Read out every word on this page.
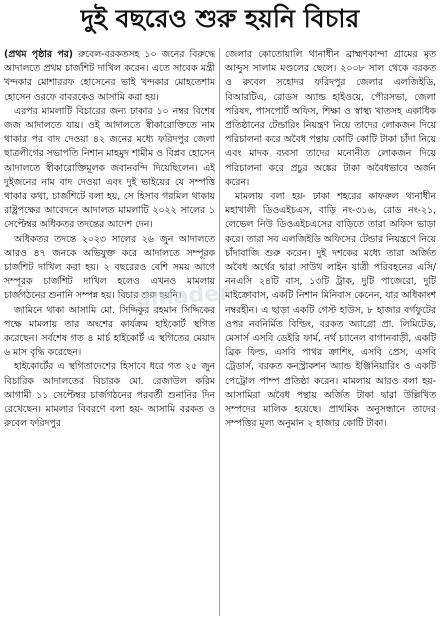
দুই বছরেও শুরু হয়নি বিচার

(প্রথম পৃষ্ঠার পর) রুবেল-বরকতসহ ১০ জনের বিরুদ্ধে আদালতে প্রথম চার্জশিট দাখিল করেন। এতে সাবেক মন্ত্রী খন্দকার মোশাররফ হোসেনের ভাই খন্দকার মোহতেশাম হোসেন ওরফে বাবরকেও আসামি করা হয়।

এরপর মামলাটি বিচারের জন্য ঢাকার ১০ নম্বর বিশেষ জজ আদালতে যায়। ওই আদালতে স্বীকারোক্তিতে নাম থাকার পর বাদ দেওয়া ৪২ জনের মধ্যে ফরিদপুর জেলা ছাত্রলীগের সভাপতি নিশান মাহমুদ শামীম ও বিপ্লব হোসেন আদালতে স্বীকারোক্তিমূলক জবানবন্দি দিয়েছিলেন। এই দুইজনের নাম বাদ দেওয়া এবং দুই ভাইয়ের যে সম্পত্তি থাকার কথা, চার্জশিটে বলা হয়, সে হিসাব গরমিল থাকায় রাষ্ট্রপক্ষের আবেদনে আদালত মামলাটি ২০২২ সালের ১ সেপ্টেম্বর অধিকতর তদন্তের আদেশ দেন।

অধিকতর তদন্তে ২০২৩ সালের ২৬ জুন আদালতে আরও ৪৭ জনকে অভিযুক্ত করে আদালতে সম্পূরক চার্জশিট দাখিল করা হয়। ২ বছরেরও বেশি সময় আগে সম্পূরক চার্জশিট দাখিল হলেও এখনও মামলায় চার্জগঠনের শুনানি সম্পন্ন হয়। বিচার শুরু হয়নি।

জামিনে থাকা আসামি মো. সিদ্দিকুর রহমান সিদ্দিকের পক্ষে মামলায় তার অংশের কার্যক্রম হাইকোর্ট স্থগিত করেছেন। সর্বশেষ গত ৪ মার্চ হাইকোর্ট এ স্থগিতের মেয়াদ ৬ মাস বৃদ্ধি করেছেন।

হাইকোর্টের এ স্থগিতাদেশের হিসাবে ধরে গত ২৫ জুন বিচারিক আদালতের বিচারক মো. রেজাউল করিম আগামী ১১ সেপ্টেম্বর চার্জগঠনের পরবর্তী শুনানির দিন রেখেছেন। মামলার বিবরণে বলা হয়- আসামি বরকত ও রুবেল ফরিদপুর

জেলার কোতোয়ালি থানাধীন ব্রাহ্মণকান্দা গ্রামের মৃত আব্দুস সালাম মণ্ডলের ছেলে। ২০০৮ সাল থেকে বরকত ও রুবেল সহোদর ফরিদপুর জেলার এলজিইডি, বিআরটিএ, রোডস অ্যান্ড হাইওয়ে, পৌরসভা, জেলা পরিষদ, পাসপোর্ট অফিস, শিক্ষা ও স্বাস্থ্য খাতসহ একাধিক প্রতিষ্ঠানের টেন্ডারিং নিয়ন্ত্রণ নিয়ে তাদের লোকজন দিয়ে পরিচালনা করে অবৈধ পন্থায় কোটি কোটি টাকা চাঁদা নিয়ে এবং মাদক ব্যবসা তাদের মনোনীত লোকজন দিয়ে পরিচালনা করে প্রচুর অঙ্কের টাকা অবৈধভাবে অর্জন করেন।

মামলায় বলা হয়- ঢাকা শহরের কাফরুল থানাধীন মহাখালী ডিওএইচএস, বাড়ি নং-৩১৬, রোড নং-২১, লেভেল নিউ ডিওএইচএসের বাড়িতে তারা অফিস ভাড়া করে। তারা সব এলজিইডি অফিসের টেন্ডার নিয়ন্ত্রণে নিয়ে চাঁদাবাজি শুরু করেন। দুই দশকের মধ্যে তারা অর্জিত অবৈধ অর্থের দ্বারা সাউথ লাইন যাত্রী পরিবহনের এসি/ননএসি ২৪টি বাস, ১৩টি ট্রাক, দুটি পাজেরো, দুটি মাইক্রোবাস, একটি নিশান মিনিবাস কেনেন, যার অধিকাংশ নম্বরহীন। এ ছাড়া একটি গেস্ট হাউস, ৮ হাজার বর্গফুটের ওপর নবনির্মিত বিল্ডিং, বরকত অ্যাগ্রো প্রা. লিমিটেড, মেসার্স এসবি ডেইরি ফার্ম, নর্থ চ্যানেল বাগানবাড়ী, একটি ব্রিক ফিল্ড, এসবি পাথর ক্রাশিং, এসবি প্রেস, এসবি ট্রেডার্স, বরকত কনস্ট্রাকশন অ্যান্ড ইঞ্জিনিয়ারিং ও একটি পেট্রোল পাম্প প্রতিষ্ঠা করেন। মামলায় আরও বলা হয়- আসামিরা অবৈধ পন্থায় অর্জিত টাকা দ্বারা উল্লিখিত সম্পদের মালিক হয়েছে। প্রাথমিক অনুসন্ধানে তাদের সম্পত্তির মূল্য অনুমান ২ হাজার কোটি টাকা।

amader
